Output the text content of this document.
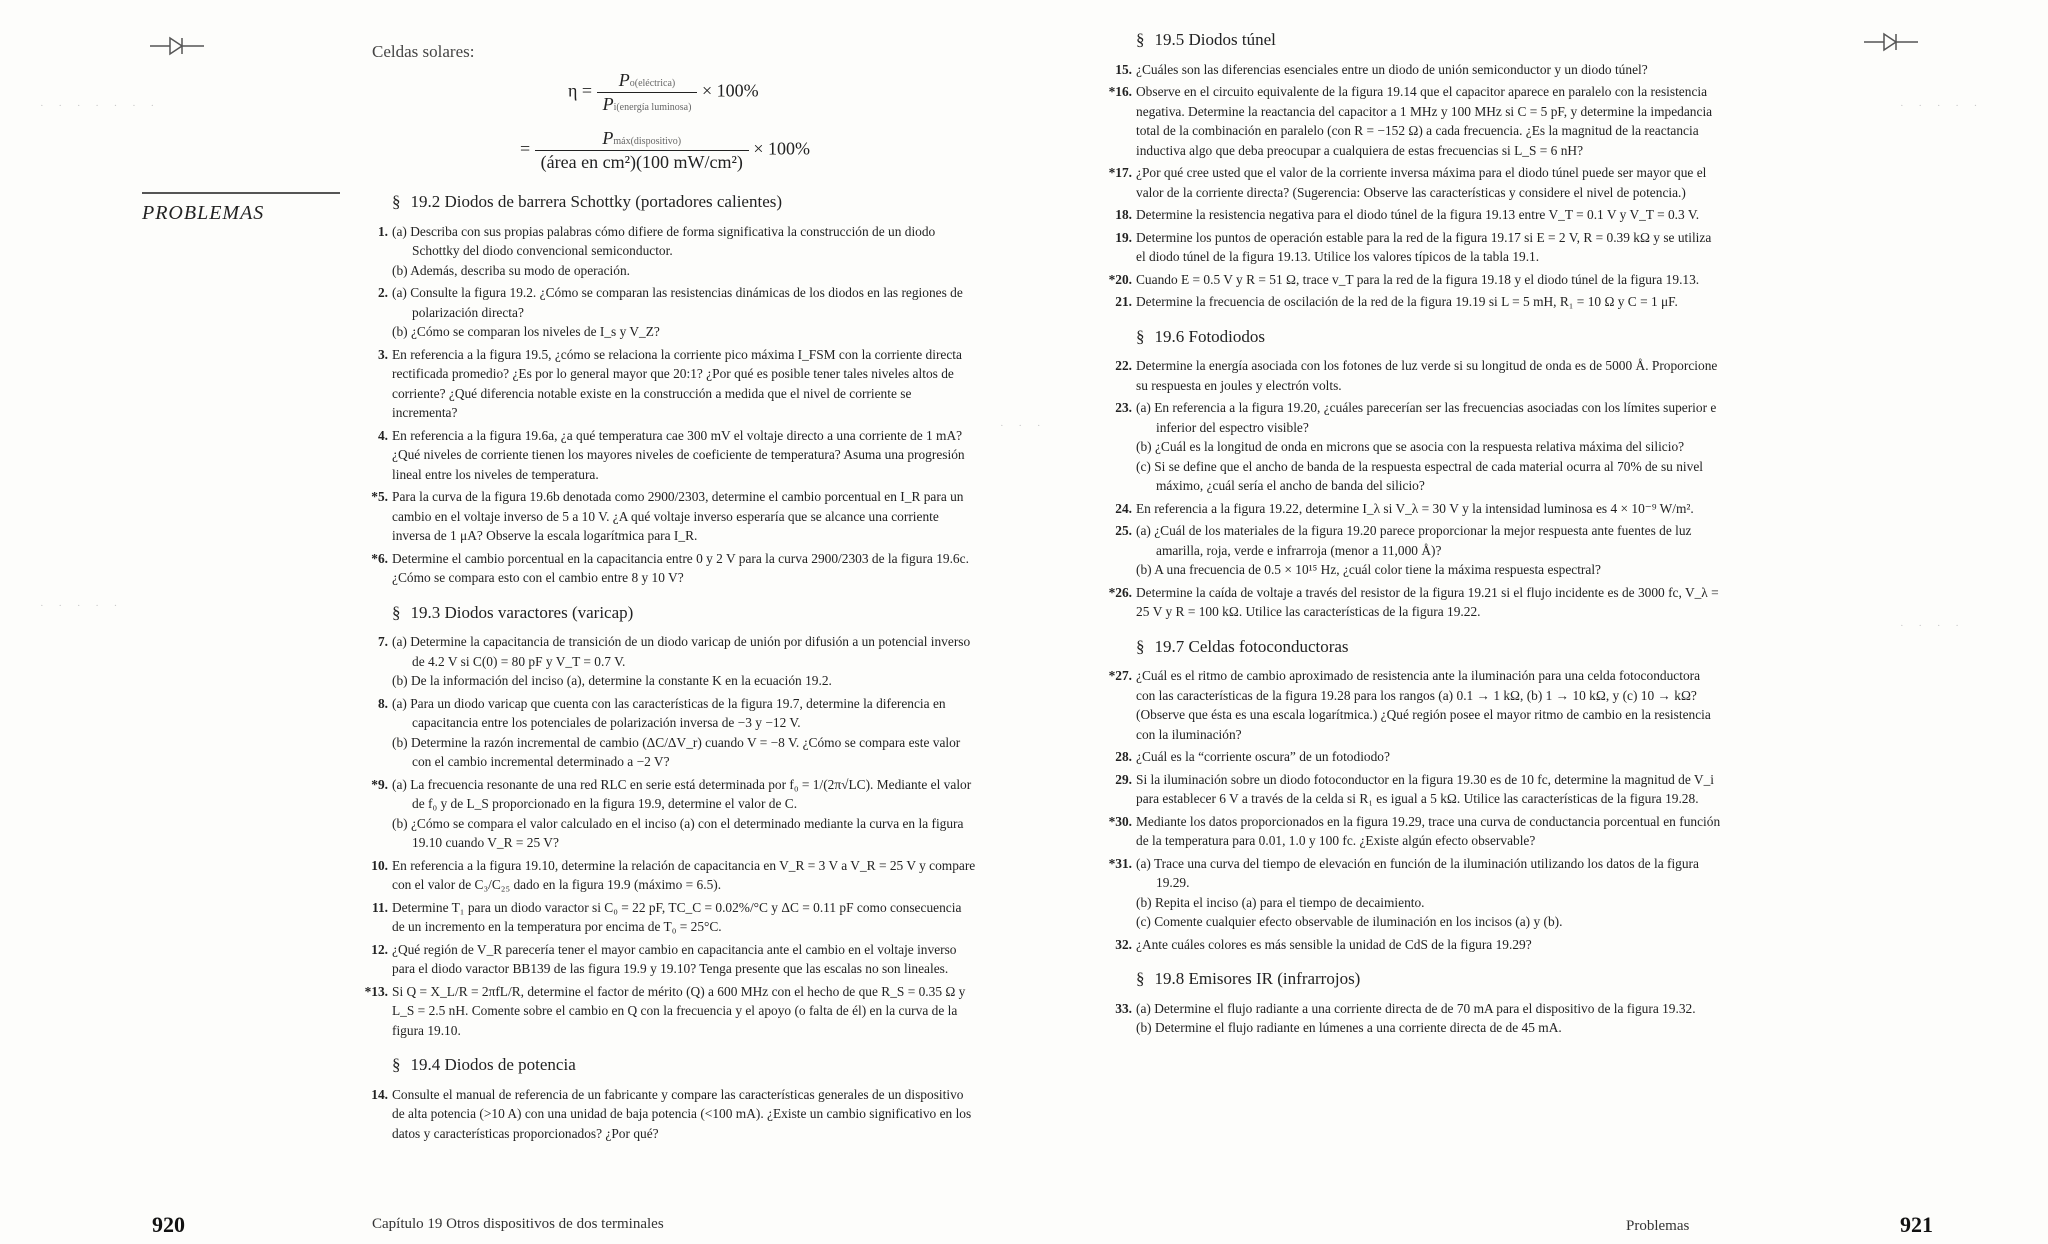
Celdas solares:
$\eta = \frac{\text{Po(eléctrica)}}{\text{Pi(energía luminosa)}} \times 100\%$
= $\frac{\text{Pmáx(dispositivo)}}{\text{(área en cm²)(100 mW/cm²)}} \times 100\%$
PROBLEMAS
§ 19.2 Diodos de barrera Schottky (portadores calientes)
1. (a) Describa con sus propias palabras cómo difiere de forma significativa la construcción de un diodo Schottky del diodo convencional semiconductor.
(b) Además, describa su modo de operación.
2. (a) Consulte la figura 19.2. ¿Cómo se comparan las resistencias dinámicas de los diodos en las regiones de polarización directa?
(b) ¿Cómo se comparan los niveles de I_s y V_Z?
3. En referencia a la figura 19.5, ¿cómo se relaciona la corriente pico máxima I_FSM con la corriente directa rectificada promedio? ¿Es por lo general mayor que 20:1? ¿Por qué es posible tener tales niveles altos de corriente? ¿Qué diferencia notable existe en la construcción a medida que el nivel de corriente se incrementa?
4. En referencia a la figura 19.6a, ¿a qué temperatura cae 300 mV el voltaje directo a una corriente de 1 mA? ¿Qué niveles de corriente tienen los mayores niveles de coeficiente de temperatura? Asuma una progresión lineal entre los niveles de temperatura.
*5. Para la curva de la figura 19.6b denotada como 2900/2303, determine el cambio porcentual en I_R para un cambio en el voltaje inverso de 5 a 10 V. ¿A qué voltaje inverso esperaría que se alcance una corriente inversa de 1 μA? Observe la escala logarítmica para I_R.
*6. Determine el cambio porcentual en la capacitancia entre 0 y 2 V para la curva 2900/2303 de la figura 19.6c. ¿Cómo se compara esto con el cambio entre 8 y 10 V?
§ 19.3 Diodos varactores (varicap)
7. (a) Determine la capacitancia de transición de un diodo varicap de unión por difusión a un potencial inverso de 4.2 V si C(0) = 80 pF y V_T = 0.7 V.
(b) De la información del inciso (a), determine la constante K en la ecuación 19.2.
8. (a) Para un diodo varicap que cuenta con las características de la figura 19.7, determine la diferencia en capacitancia entre los potenciales de polarización inversa de −3 y −12 V.
(b) Determine la razón incremental de cambio (ΔC/ΔV_r) cuando V = −8 V. ¿Cómo se compara este valor con el cambio incremental determinado a −2 V?
*9. (a) La frecuencia resonante de una red RLC en serie está determinada por f₀ = 1/(2π√LC). Mediante el valor de f₀ y de L_S proporcionado en la figura 19.9, determine el valor de C.
(b) ¿Cómo se compara el valor calculado en el inciso (a) con el determinado mediante la curva en la figura 19.10 cuando V_R = 25 V?
10. En referencia a la figura 19.10, determine la relación de capacitancia en V_R = 3 V a V_R = 25 V y compare con el valor de C₃/C₂₅ dado en la figura 19.9 (máximo = 6.5).
11. Determine T₁ para un diodo varactor si C₀ = 22 pF, TC_C = 0.02%/°C y ΔC = 0.11 pF como consecuencia de un incremento en la temperatura por encima de T₀ = 25°C.
12. ¿Qué región de V_R parecería tener el mayor cambio en capacitancia ante el cambio en el voltaje inverso para el diodo varactor BB139 de las figura 19.9 y 19.10? Tenga presente que las escalas no son lineales.
*13. Si Q = X_L/R = 2πfL/R, determine el factor de mérito (Q) a 600 MHz con el hecho de que R_S = 0.35 Ω y L_S = 2.5 nH. Comente sobre el cambio en Q con la frecuencia y el apoyo (o falta de él) en la curva de la figura 19.10.
§ 19.4 Diodos de potencia
14. Consulte el manual de referencia de un fabricante y compare las características generales de un dispositivo de alta potencia (>10 A) con una unidad de baja potencia (<100 mA). ¿Existe un cambio significativo en los datos y características proporcionados? ¿Por qué?
920	Capítulo 19 Otros dispositivos de dos terminales
§ 19.5 Diodos túnel
15. ¿Cuáles son las diferencias esenciales entre un diodo de unión semiconductor y un diodo túnel?
*16. Observe en el circuito equivalente de la figura 19.14 que el capacitor aparece en paralelo con la resistencia negativa. Determine la reactancia del capacitor a 1 MHz y 100 MHz si C = 5 pF, y determine la impedancia total de la combinación en paralelo (con R = −152 Ω) a cada frecuencia. ¿Es la magnitud de la reactancia inductiva algo que deba preocupar a cualquiera de estas frecuencias si L_S = 6 nH?
*17. ¿Por qué cree usted que el valor de la corriente inversa máxima para el diodo túnel puede ser mayor que el valor de la corriente directa? (Sugerencia: Observe las características y considere el nivel de potencia.)
18. Determine la resistencia negativa para el diodo túnel de la figura 19.13 entre V_T = 0.1 V y V_T = 0.3 V.
19. Determine los puntos de operación estable para la red de la figura 19.17 si E = 2 V, R = 0.39 kΩ y se utiliza el diodo túnel de la figura 19.13. Utilice los valores típicos de la tabla 19.1.
*20. Cuando E = 0.5 V y R = 51 Ω, trace v_T para la red de la figura 19.18 y el diodo túnel de la figura 19.13.
21. Determine la frecuencia de oscilación de la red de la figura 19.19 si L = 5 mH, R₁ = 10 Ω y C = 1 μF.
§ 19.6 Fotodiodos
22. Determine la energía asociada con los fotones de luz verde si su longitud de onda es de 5000 Å. Proporcione su respuesta en joules y electrón volts.
23. (a) En referencia a la figura 19.20, ¿cuáles parecerían ser las frecuencias asociadas con los límites superior e inferior del espectro visible?
(b) ¿Cuál es la longitud de onda en microns que se asocia con la respuesta relativa máxima del silicio?
(c) Si se define que el ancho de banda de la respuesta espectral de cada material ocurra al 70% de su nivel máximo, ¿cuál sería el ancho de banda del silicio?
24. En referencia a la figura 19.22, determine I_λ si V_λ = 30 V y la intensidad luminosa es 4 × 10⁻⁹ W/m².
25. (a) ¿Cuál de los materiales de la figura 19.20 parece proporcionar la mejor respuesta ante fuentes de luz amarilla, roja, verde e infrarroja (menor a 11,000 Å)?
(b) A una frecuencia de 0.5 × 10¹⁵ Hz, ¿cuál color tiene la máxima respuesta espectral?
*26. Determine la caída de voltaje a través del resistor de la figura 19.21 si el flujo incidente es de 3000 fc, V_λ = 25 V y R = 100 kΩ. Utilice las características de la figura 19.22.
§ 19.7 Celdas fotoconductoras
*27. ¿Cuál es el ritmo de cambio aproximado de resistencia ante la iluminación para una celda fotoconductora con las características de la figura 19.28 para los rangos (a) 0.1 → 1 kΩ, (b) 1 → 10 kΩ, y (c) 10 → kΩ? (Observe que ésta es una escala logarítmica.) ¿Qué región posee el mayor ritmo de cambio en la resistencia con la iluminación?
28. ¿Cuál es la “corriente oscura” de un fotodiodo?
29. Si la iluminación sobre un diodo fotoconductor en la figura 19.30 es de 10 fc, determine la magnitud de V_i para establecer 6 V a través de la celda si R₁ es igual a 5 kΩ. Utilice las características de la figura 19.28.
*30. Mediante los datos proporcionados en la figura 19.29, trace una curva de conductancia porcentual en función de la temperatura para 0.01, 1.0 y 100 fc. ¿Existe algún efecto observable?
*31. (a) Trace una curva del tiempo de elevación en función de la iluminación utilizando los datos de la figura 19.29.
(b) Repita el inciso (a) para el tiempo de decaimiento.
(c) Comente cualquier efecto observable de iluminación en los incisos (a) y (b).
32. ¿Ante cuáles colores es más sensible la unidad de CdS de la figura 19.29?
§ 19.8 Emisores IR (infrarrojos)
33. (a) Determine el flujo radiante a una corriente directa de de 70 mA para el dispositivo de la figura 19.32.
(b) Determine el flujo radiante en lúmenes a una corriente directa de de 45 mA.
Problemas	921
· · · · · · ·
· · · · ·
· · ·
· · · · ·
· · · ·
